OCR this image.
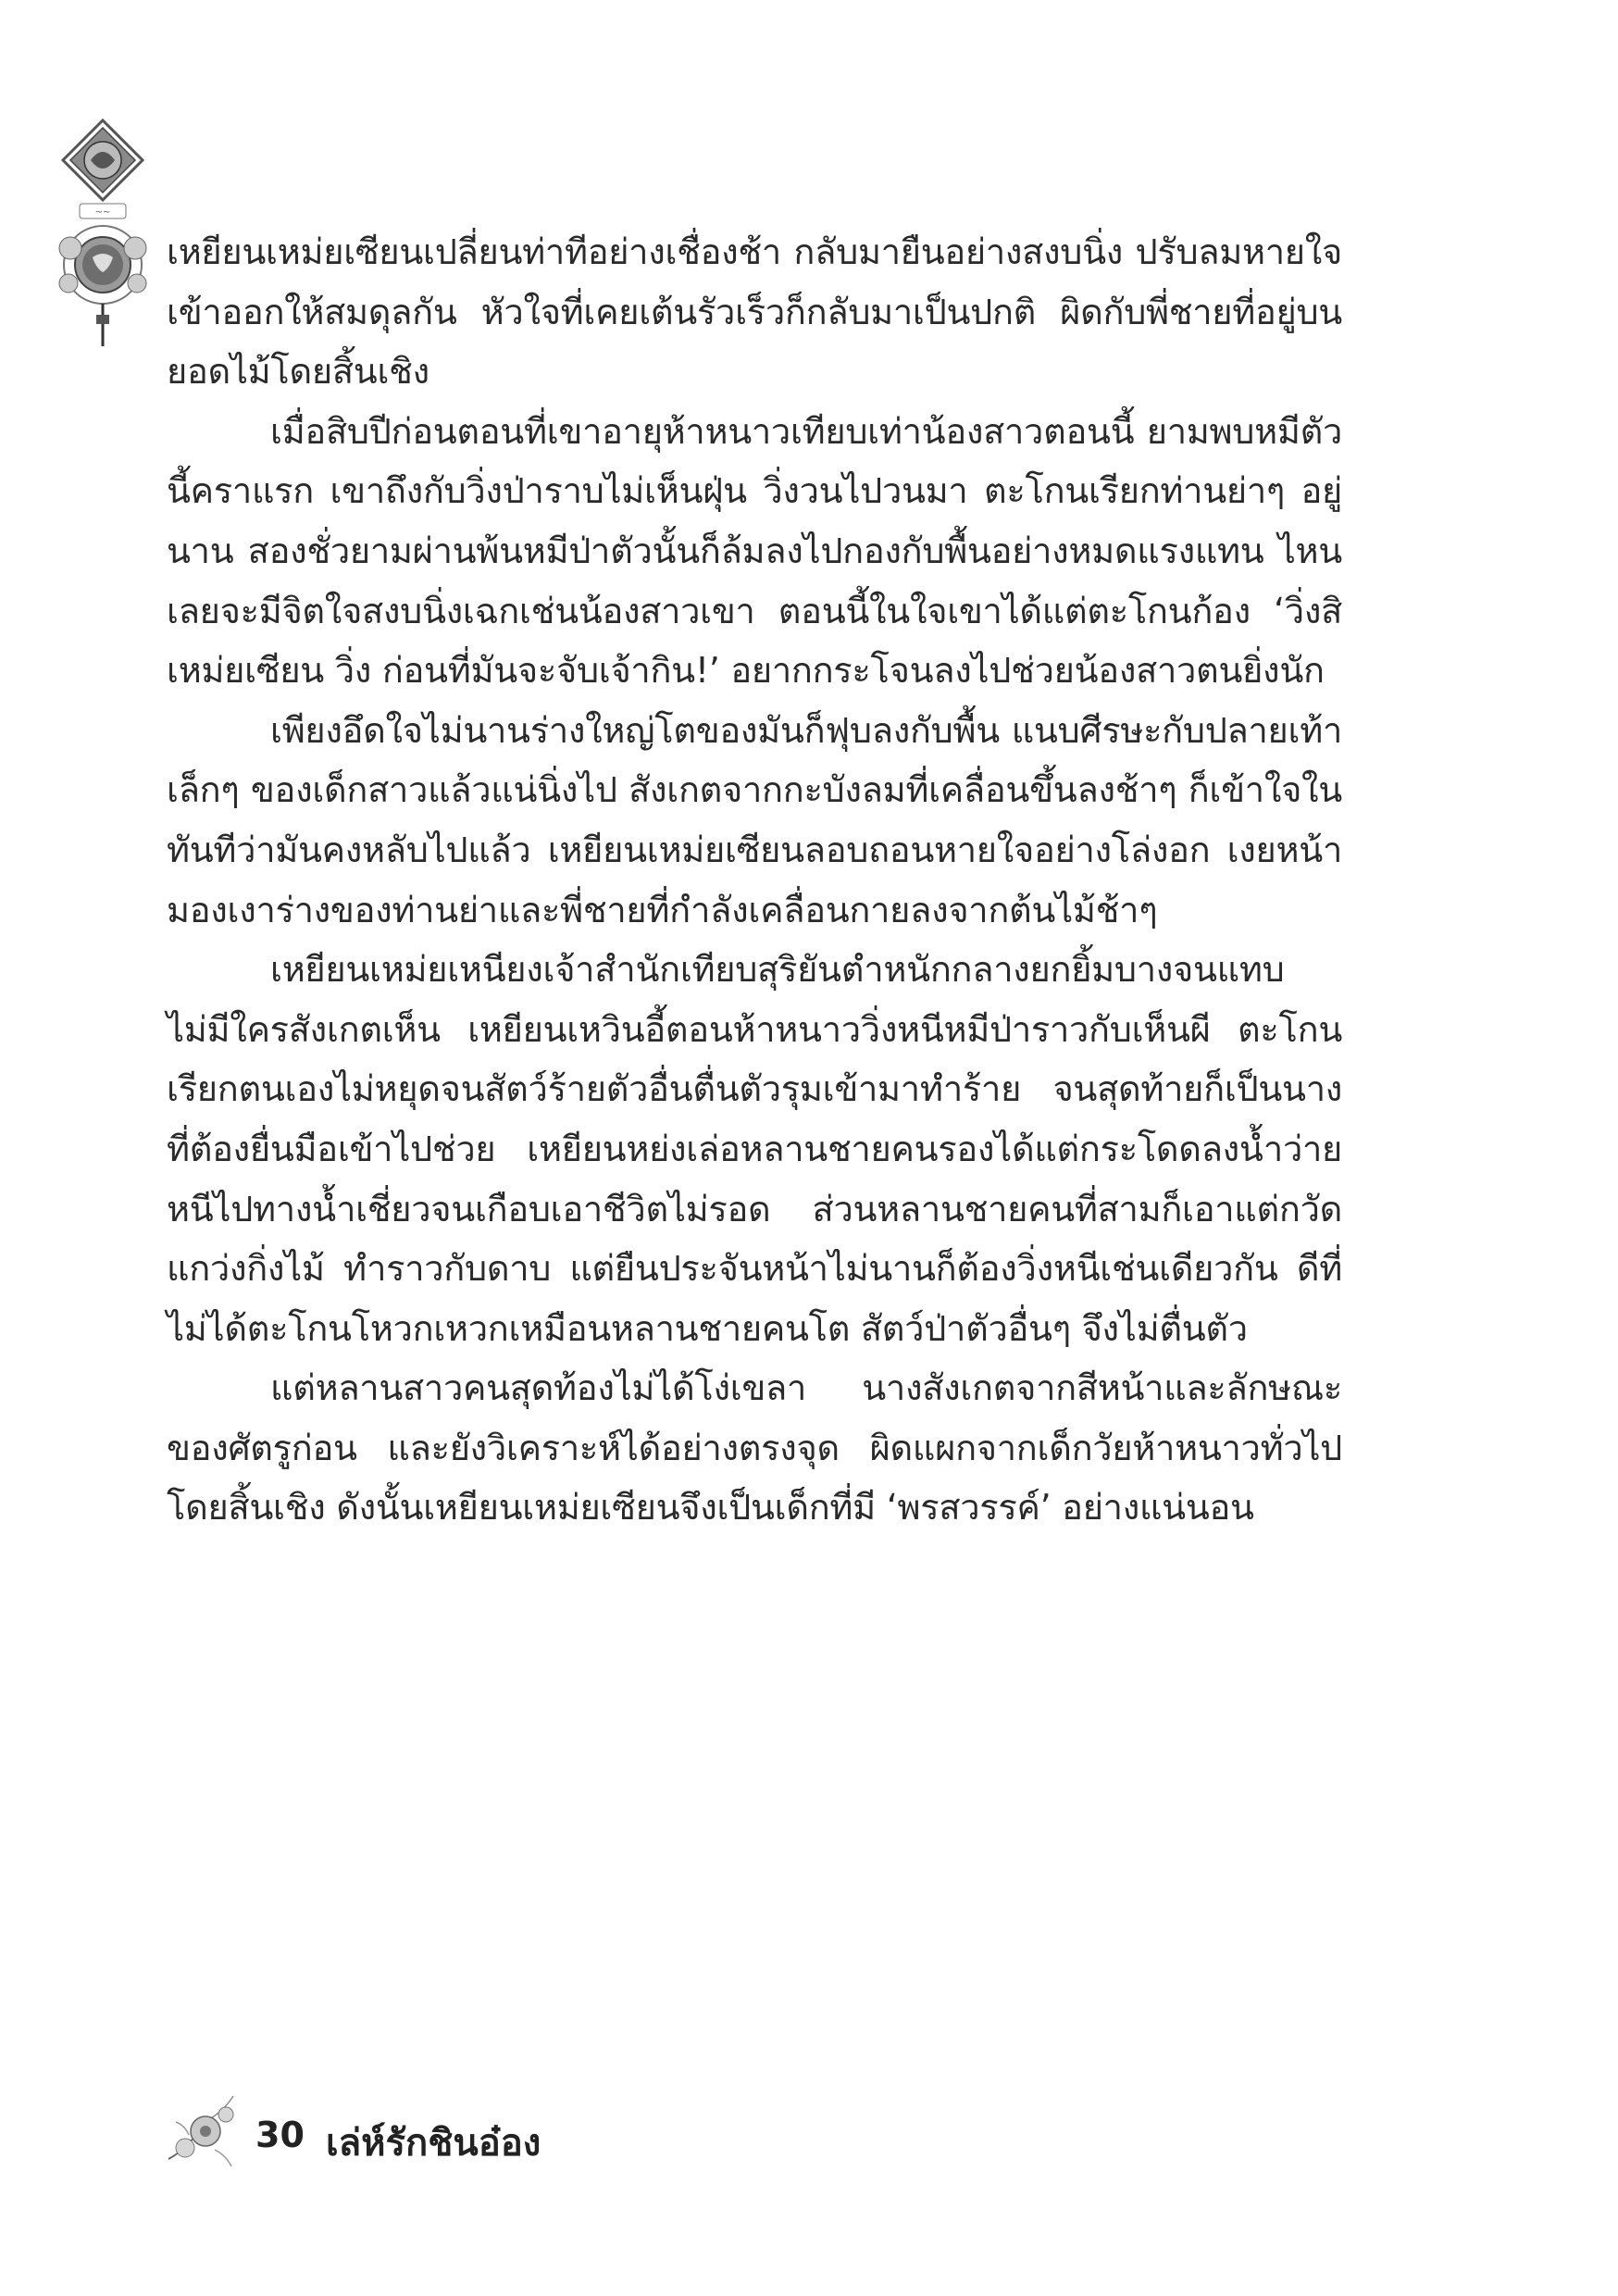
~~

เหยียนเหม่ยเซียนเปลี่ยนท่าทีอย่างเชื่องช้า กลับมายืนอย่างสงบนิ่ง ปรับลมหายใจเข้าออกให้สมดุลกัน หัวใจที่เคยเต้นรัวเร็วก็กลับมาเป็นปกติ ผิดกับพี่ชายที่อยู่บนยอดไม้โดยสิ้นเชิง

เมื่อสิบปีก่อนตอนที่เขาอายุห้าหนาวเทียบเท่าน้องสาวตอนนี้ ยามพบหมีตัวนี้คราแรก เขาถึงกับวิ่งป่าราบไม่เห็นฝุ่น วิ่งวนไปวนมา ตะโกนเรียกท่านย่าๆ อยู่นาน สองชั่วยามผ่านพ้นหมีป่าตัวนั้นก็ล้มลงไปกองกับพื้นอย่างหมดแรงแทน ไหนเลยจะมีจิตใจสงบนิ่งเฉกเช่นน้องสาวเขา ตอนนี้ในใจเขาได้แต่ตะโกนก้อง ‘วิ่งสิเหม่ยเซียน วิ่ง ก่อนที่มันจะจับเจ้ากิน!’ อยากกระโจนลงไปช่วยน้องสาวตนยิ่งนัก

เพียงอึดใจไม่นานร่างใหญ่โตของมันก็ฟุบลงกับพื้น แนบศีรษะกับปลายเท้าเล็กๆ ของเด็กสาวแล้วแน่นิ่งไป สังเกตจากกะบังลมที่เคลื่อนขึ้นลงช้าๆ ก็เข้าใจในทันทีว่ามันคงหลับไปแล้ว เหยียนเหม่ยเซียนลอบถอนหายใจอย่างโล่งอก เงยหน้ามองเงาร่างของท่านย่าและพี่ชายที่กำลังเคลื่อนกายลงจากต้นไม้ช้าๆ

เหยียนเหม่ยเหนียงเจ้าสำนักเทียบสุริยันตำหนักกลางยกยิ้มบางจนแทบไม่มีใครสังเกตเห็น เหยียนเหวินอี้ตอนห้าหนาววิ่งหนีหมีป่าราวกับเห็นผี ตะโกนเรียกตนเองไม่หยุดจนสัตว์ร้ายตัวอื่นตื่นตัวรุมเข้ามาทำร้าย จนสุดท้ายก็เป็นนางที่ต้องยื่นมือเข้าไปช่วย เหยียนหย่งเล่อหลานชายคนรองได้แต่กระโดดลงน้ำว่ายหนีไปทางน้ำเชี่ยวจนเกือบเอาชีวิตไม่รอด ส่วนหลานชายคนที่สามก็เอาแต่กวัดแกว่งกิ่งไม้ ทำราวกับดาบ แต่ยืนประจันหน้าไม่นานก็ต้องวิ่งหนีเช่นเดียวกัน ดีที่ไม่ได้ตะโกนโหวกเหวกเหมือนหลานชายคนโต สัตว์ป่าตัวอื่นๆ จึงไม่ตื่นตัว

แต่หลานสาวคนสุดท้องไม่ได้โง่เขลา นางสังเกตจากสีหน้าและลักษณะของศัตรูก่อน และยังวิเคราะห์ได้อย่างตรงจุด ผิดแผกจากเด็กวัยห้าหนาวทั่วไปโดยสิ้นเชิง ดังนั้นเหยียนเหม่ยเซียนจึงเป็นเด็กที่มี ‘พรสวรรค์’ อย่างแน่นอน

30 เล่ห์รักชินอ๋อง
